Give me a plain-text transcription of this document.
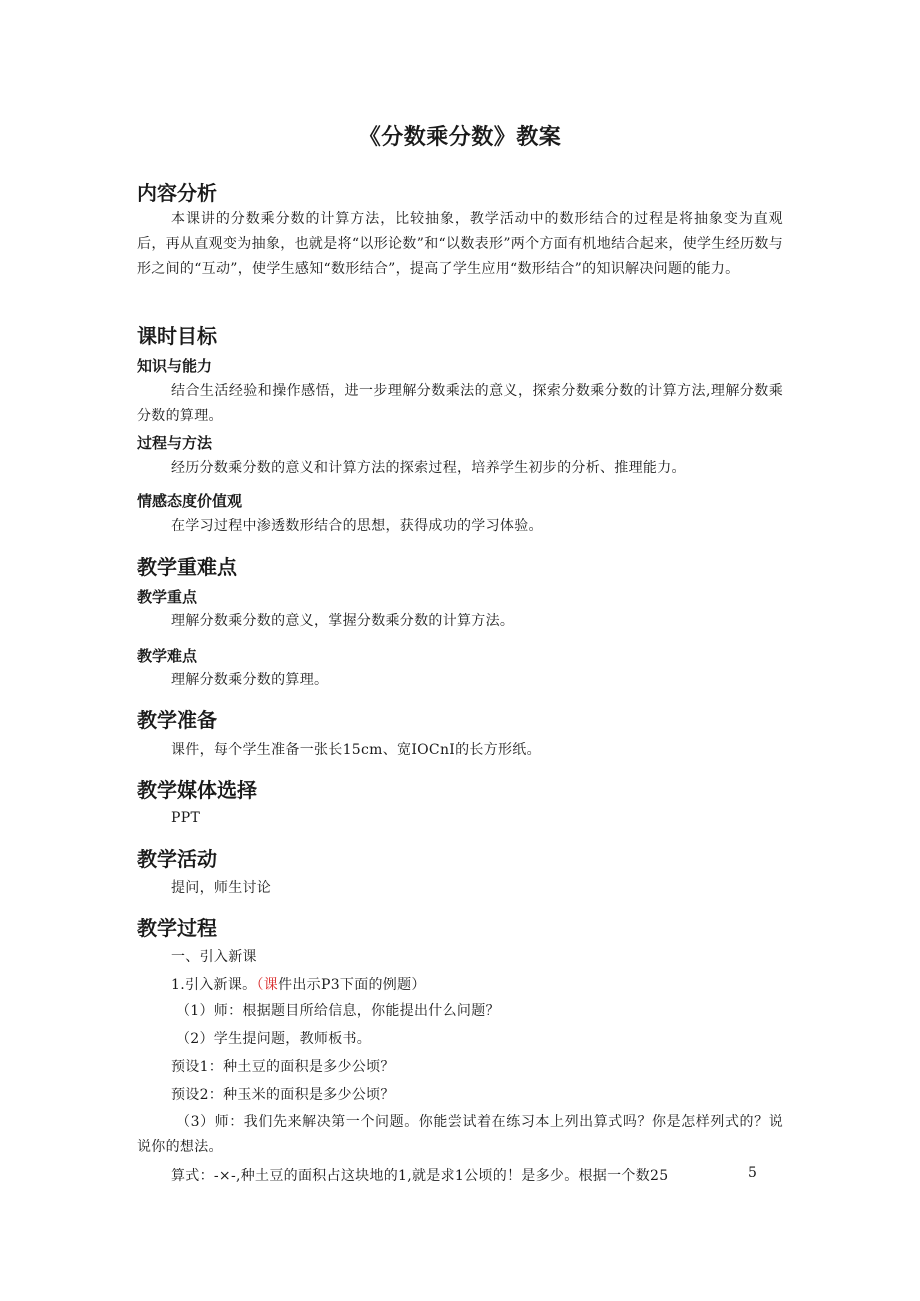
《分数乘分数》教案
内容分析
本课讲的分数乘分数的计算方法，比较抽象，教学活动中的数形结合的过程是将抽象变为直观后，再从直观变为抽象，也就是将“以形论数”和“以数表形”两个方面有机地结合起来，使学生经历数与形之间的“互动”，使学生感知“数形结合”，提高了学生应用“数形结合”的知识解决问题的能力。
课时目标
知识与能力
结合生活经验和操作感悟，进一步理解分数乘法的意义，探索分数乘分数的计算方法,理解分数乘分数的算理。
过程与方法
经历分数乘分数的意义和计算方法的探索过程，培养学生初步的分析、推理能力。
情感态度价值观
在学习过程中渗透数形结合的思想，获得成功的学习体验。
教学重难点
教学重点
理解分数乘分数的意义，掌握分数乘分数的计算方法。
教学难点
理解分数乘分数的算理。
教学准备
课件，每个学生准备一张长15cm、宽IOCnI的长方形纸。
教学媒体选择
PPT
教学活动
提问，师生讨论
教学过程
一、引入新课
1.引入新课。（课件出示P3下面的例题）
（1）师：根据题目所给信息，你能提出什么问题？
（2）学生提问题，教师板书。
预设1：种土豆的面积是多少公顷？
预设2：种玉米的面积是多少公顷？
（3）师：我们先来解决第一个问题。你能尝试着在练习本上列出算式吗？你是怎样列式的？说说你的想法。
算式：-×-,种土豆的面积占这块地的1,就是求1公顷的！是多少。根据一个数25	5
